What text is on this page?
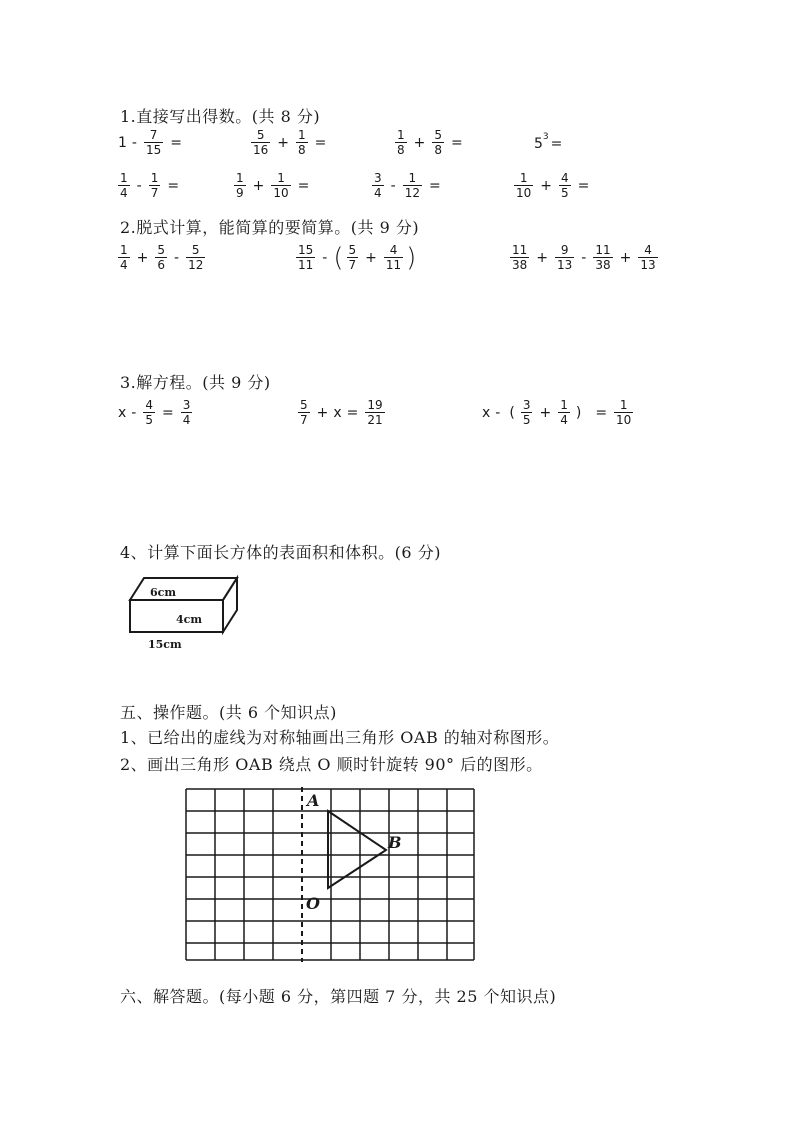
1.直接写出得数。(共 8 分)
$1 - \frac{7}{15}$ =	$\frac{5}{16} + \frac{1}{8}$ =	$\frac{1}{8} + \frac{5}{8}$ =	5 3 =
$\frac{1}{4} - \frac{1}{7}$ =	$\frac{1}{9} + \frac{1}{10}$ =	$\frac{3}{4} - \frac{1}{12}$ =	$\frac{1}{10} + \frac{4}{5}$ =
2.脱式计算，能简算的要简算。(共 9 分)
$\frac{1}{4} + \frac{5}{6} - \frac{5}{12}$	$\frac{15}{11}$ - ( $\frac{5}{7} + \frac{4}{11}$ )	$\frac{11}{38} + \frac{9}{13} - \frac{11}{38} + \frac{4}{13}$
3.解方程。(共 9 分)
$x - \frac{4}{5} = \frac{3}{4}$	$\frac{5}{7} + x = \frac{19}{21}$	x - ( $\frac{3}{5} + \frac{1}{4}$ ) = $\frac{1}{10}$
4、计算下面长方体的表面积和体积。(6 分)
6cm
4cm
15cm
五、操作题。(共 6 个知识点)
1、已给出的虚线为对称轴画出三角形 OAB 的轴对称图形。
2、画出三角形 OAB 绕点 O 顺时针旋转 90° 后的图形。
A
B
O
六、解答题。(每小题 6 分，第四题 7 分，共 25 个知识点)
